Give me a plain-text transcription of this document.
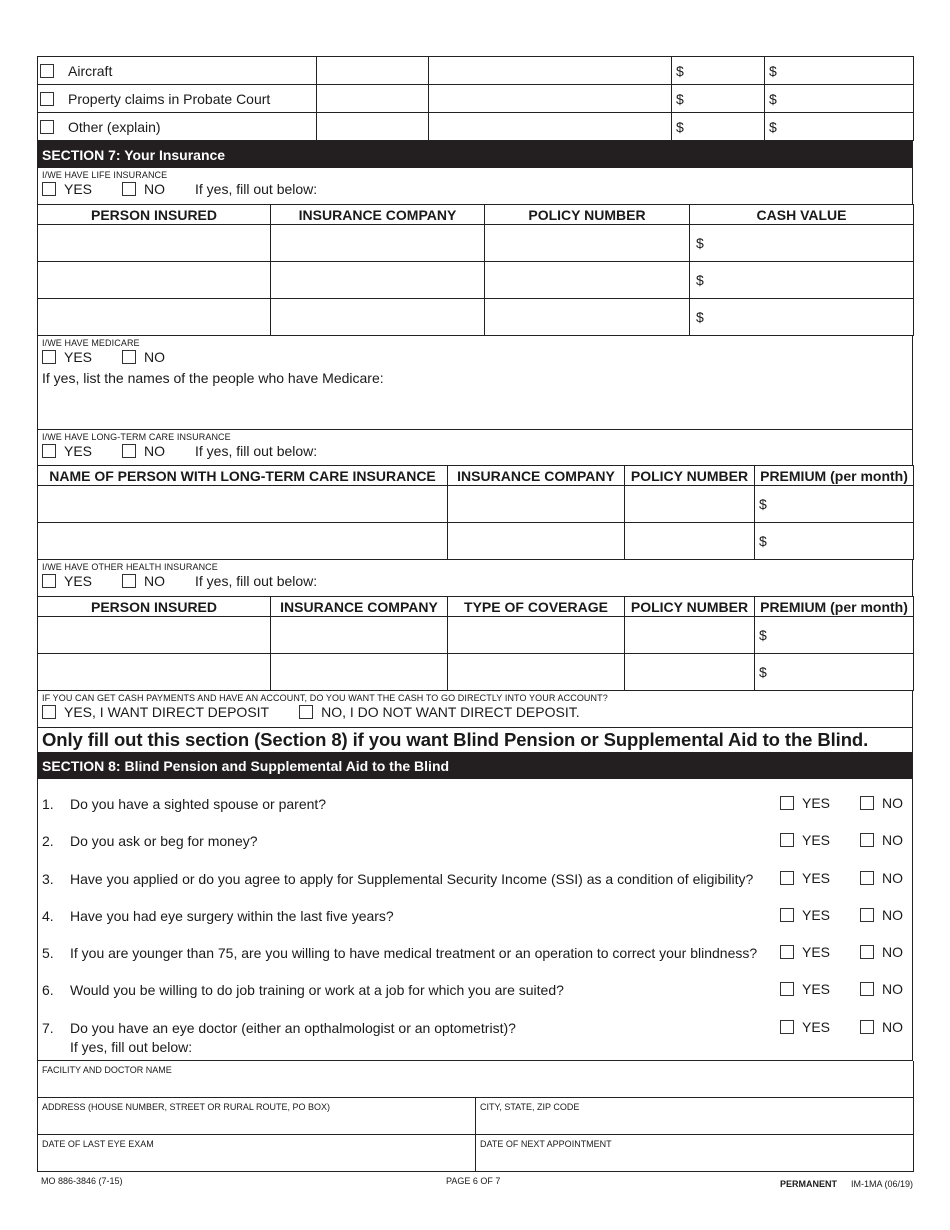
Aircraft			$	$
Property claims in Probate Court			$	$
Other (explain)			$	$
SECTION 7: Your Insurance
I/WE HAVE LIFE INSURANCE
YES	NO If yes, fill out below:
PERSON INSURED	INSURANCE COMPANY	POLICY NUMBER	CASH VALUE
			$
			$
			$
I/WE HAVE MEDICARE
YES	NO
If yes, list the names of the people who have Medicare:
I/WE HAVE LONG-TERM CARE INSURANCE
YES	NO If yes, fill out below:
NAME OF PERSON WITH LONG-TERM CARE INSURANCE	INSURANCE COMPANY	POLICY NUMBER	PREMIUM (per month)
			$
			$
I/WE HAVE OTHER HEALTH INSURANCE
YES	NO If yes, fill out below:
PERSON INSURED	INSURANCE COMPANY	TYPE OF COVERAGE	POLICY NUMBER	PREMIUM (per month)
				$
				$
IF YOU CAN GET CASH PAYMENTS AND HAVE AN ACCOUNT, DO YOU WANT THE CASH TO GO DIRECTLY INTO YOUR ACCOUNT?
YES, I WANT DIRECT DEPOSIT	NO, I DO NOT WANT DIRECT DEPOSIT.
Only fill out this section (Section 8) if you want Blind Pension or Supplemental Aid to the Blind.
SECTION 8: Blind Pension and Supplemental Aid to the Blind
1. Do you have a sighted spouse or parent?	YES	NO
2. Do you ask or beg for money?	YES	NO
3. Have you applied or do you agree to apply for Supplemental Security Income (SSI) as a condition of eligibility?	YES	NO
4. Have you had eye surgery within the last five years?	YES	NO
5. If you are younger than 75, are you willing to have medical treatment or an operation to correct your blindness?	YES	NO
6. Would you be willing to do job training or work at a job for which you are suited?	YES	NO
7. Do you have an eye doctor (either an opthalmologist or an optometrist)?
If yes, fill out below:
YES	NO
FACILITY AND DOCTOR NAME	
ADDRESS (HOUSE NUMBER, STREET OR RURAL ROUTE, PO BOX)	CITY, STATE, ZIP CODE
DATE OF LAST EYE EXAM	DATE OF NEXT APPOINTMENT
MO 886-3846 (7-15)	PAGE 6 OF 7	PERMANENT IM-1MA (06/19)
